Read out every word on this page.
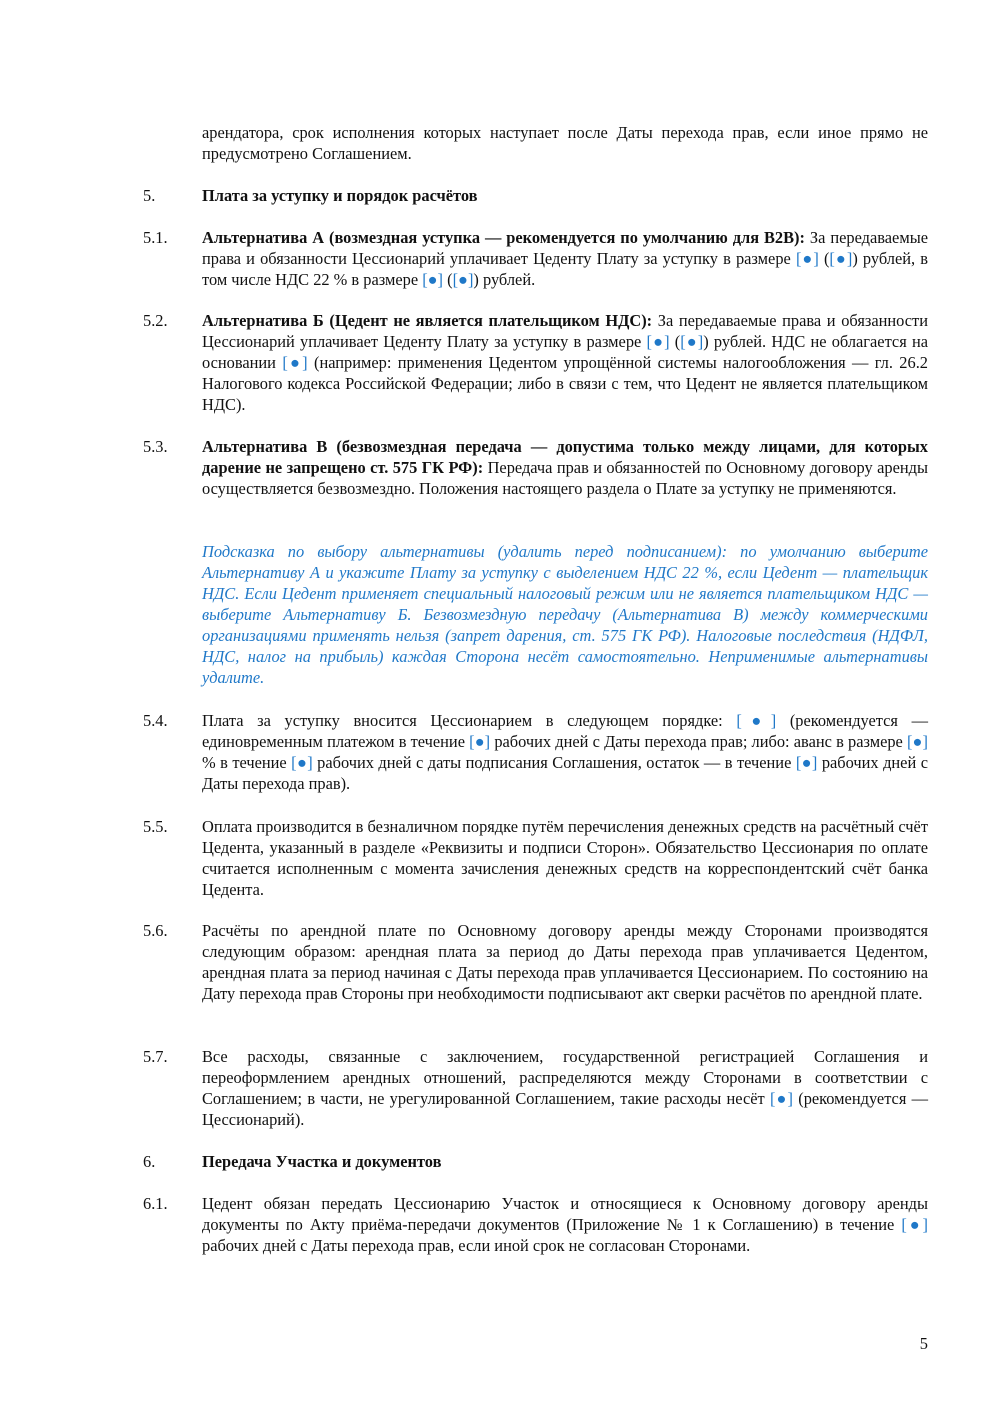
арендатора, срок исполнения которых наступает после Даты перехода прав, если иное прямо не предусмотрено Соглашением.
5.	Плата за уступку и порядок расчётов
5.1. Альтернатива А (возмездная уступка — рекомендуется по умолчанию для B2B): За передаваемые права и обязанности Цессионарий уплачивает Цеденту Плату за уступку в размере [●] ([●]) рублей, в том числе НДС 22 % в размере [●] ([●]) рублей.
5.2. Альтернатива Б (Цедент не является плательщиком НДС): За передаваемые права и обязанности Цессионарий уплачивает Цеденту Плату за уступку в размере [●] ([●]) рублей. НДС не облагается на основании [●] (например: применения Цедентом упрощённой системы налогообложения — гл. 26.2 Налогового кодекса Российской Федерации; либо в связи с тем, что Цедент не является плательщиком НДС).
5.3. Альтернатива В (безвозмездная передача — допустима только между лицами, для которых дарение не запрещено ст. 575 ГК РФ): Передача прав и обязанностей по Основному договору аренды осуществляется безвозмездно. Положения настоящего раздела о Плате за уступку не применяются.
Подсказка по выбору альтернативы (удалить перед подписанием): по умолчанию выберите Альтернативу А и укажите Плату за уступку с выделением НДС 22 %, если Цедент — плательщик НДС. Если Цедент применяет специальный налоговый режим или не является плательщиком НДС — выберите Альтернативу Б. Безвозмездную передачу (Альтернатива В) между коммерческими организациями применять нельзя (запрет дарения, ст. 575 ГК РФ). Налоговые последствия (НДФЛ, НДС, налог на прибыль) каждая Сторона несёт самостоятельно. Неприменимые альтернативы удалите.
5.4. Плата за уступку вносится Цессионарием в следующем порядке: [●] (рекомендуется — единовременным платежом в течение [●] рабочих дней с Даты перехода прав; либо: аванс в размере [●] % в течение [●] рабочих дней с даты подписания Соглашения, остаток — в течение [●] рабочих дней с Даты перехода прав).
5.5. Оплата производится в безналичном порядке путём перечисления денежных средств на расчётный счёт Цедента, указанный в разделе «Реквизиты и подписи Сторон». Обязательство Цессионария по оплате считается исполненным с момента зачисления денежных средств на корреспондентский счёт банка Цедента.
5.6. Расчёты по арендной плате по Основному договору аренды между Сторонами производятся следующим образом: арендная плата за период до Даты перехода прав уплачивается Цедентом, арендная плата за период начиная с Даты перехода прав уплачивается Цессионарием. По состоянию на Дату перехода прав Стороны при необходимости подписывают акт сверки расчётов по арендной плате.
5.7. Все расходы, связанные с заключением, государственной регистрацией Соглашения и переоформлением арендных отношений, распределяются между Сторонами в соответствии с Соглашением; в части, не урегулированной Соглашением, такие расходы несёт [●] (рекомендуется — Цессионарий).
6.	Передача Участка и документов
6.1. Цедент обязан передать Цессионарию Участок и относящиеся к Основному договору аренды документы по Акту приёма-передачи документов (Приложение № 1 к Соглашению) в течение [●] рабочих дней с Даты перехода прав, если иной срок не согласован Сторонами.
5
